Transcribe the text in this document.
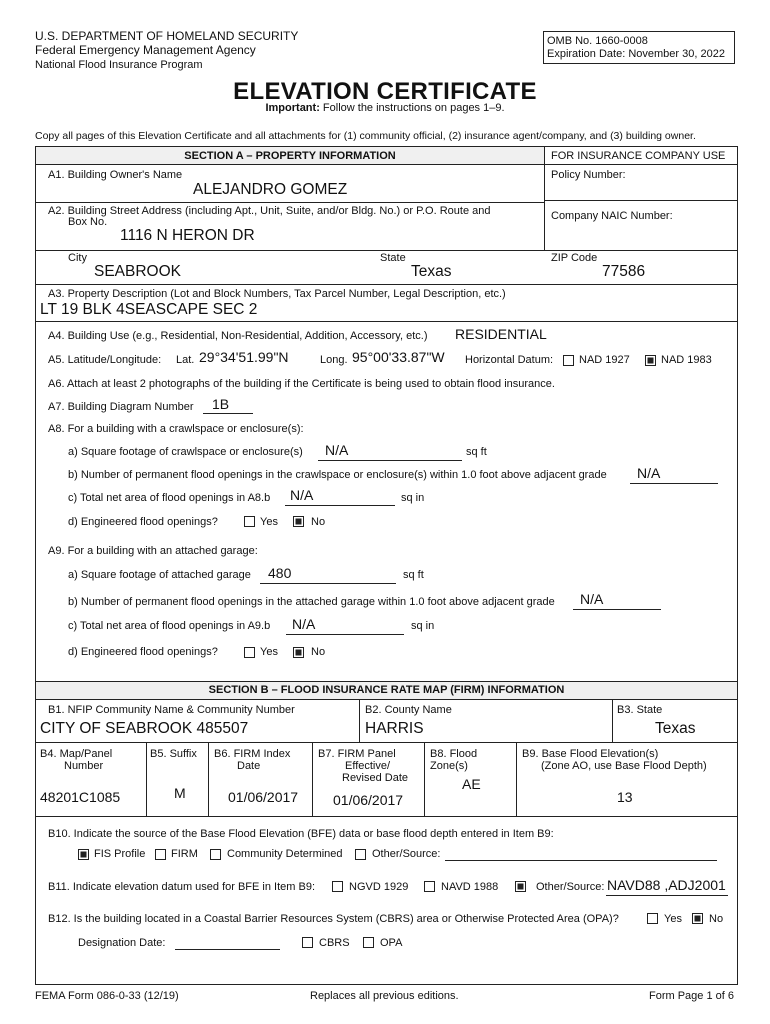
U.S. DEPARTMENT OF HOMELAND SECURITY
Federal Emergency Management Agency
National Flood Insurance Program
OMB No. 1660-0008
Expiration Date: November 30, 2022
ELEVATION CERTIFICATE
Important: Follow the instructions on pages 1–9.
Copy all pages of this Elevation Certificate and all attachments for (1) community official, (2) insurance agent/company, and (3) building owner.
SECTION A – PROPERTY INFORMATION	FOR INSURANCE COMPANY USE
A1. Building Owner's Name
ALEJANDRO GOMEZ
Policy Number:
A2. Building Street Address (including Apt., Unit, Suite, and/or Bldg. No.) or P.O. Route and
Box No.
1116 N HERON DR
Company NAIC Number:
City
SEABROOK
State
Texas
ZIP Code
77586
A3. Property Description (Lot and Block Numbers, Tax Parcel Number, Legal Description, etc.)
LT 19 BLK 4SEASCAPE SEC 2
A4. Building Use (e.g., Residential, Non-Residential, Addition, Accessory, etc.) RESIDENTIAL
A5. Latitude/Longitude: Lat. 29°34'51.99"N	Long. 95°00'33.87"W Horizontal Datum: NAD 1927	NAD 1983
A6. Attach at least 2 photographs of the building if the Certificate is being used to obtain flood insurance.
A7. Building Diagram Number 1B
A8. For a building with a crawlspace or enclosure(s):
a) Square footage of crawlspace or enclosure(s) N/A	sq ft
b) Number of permanent flood openings in the crawlspace or enclosure(s) within 1.0 foot above adjacent grade N/A
c) Total net area of flood openings in A8.b N/A	sq in
d) Engineered flood openings?	Yes	No
A9. For a building with an attached garage:
a) Square footage of attached garage 480	sq ft
b) Number of permanent flood openings in the attached garage within 1.0 foot above adjacent grade N/A
c) Total net area of flood openings in A9.b N/A	sq in
d) Engineered flood openings?	Yes	No
SECTION B – FLOOD INSURANCE RATE MAP (FIRM) INFORMATION
B1. NFIP Community Name & Community Number
CITY OF SEABROOK 485507
B2. County Name
HARRIS
B3. State
Texas
B4. Map/Panel
Number
48201C1085
B5. Suffix
M
B6. FIRM Index
Date
01/06/2017
B7. FIRM Panel
Effective/
Revised Date
01/06/2017
B8. Flood
Zone(s)
AE
B9. Base Flood Elevation(s)
(Zone AO, use Base Flood Depth)
13
B10. Indicate the source of the Base Flood Elevation (BFE) data or base flood depth entered in Item B9:
FIS Profile FIRM	Community Determined	Other/Source:
B11. Indicate elevation datum used for BFE in Item B9:	NGVD 1929	NAVD 1988	Other/Source: NAVD88 ,ADJ2001
B12. Is the building located in a Coastal Barrier Resources System (CBRS) area or Otherwise Protected Area (OPA)?	Yes No
Designation Date:	CBRS	OPA
FEMA Form 086-0-33 (12/19)	Replaces all previous editions.	Form Page 1 of 6
